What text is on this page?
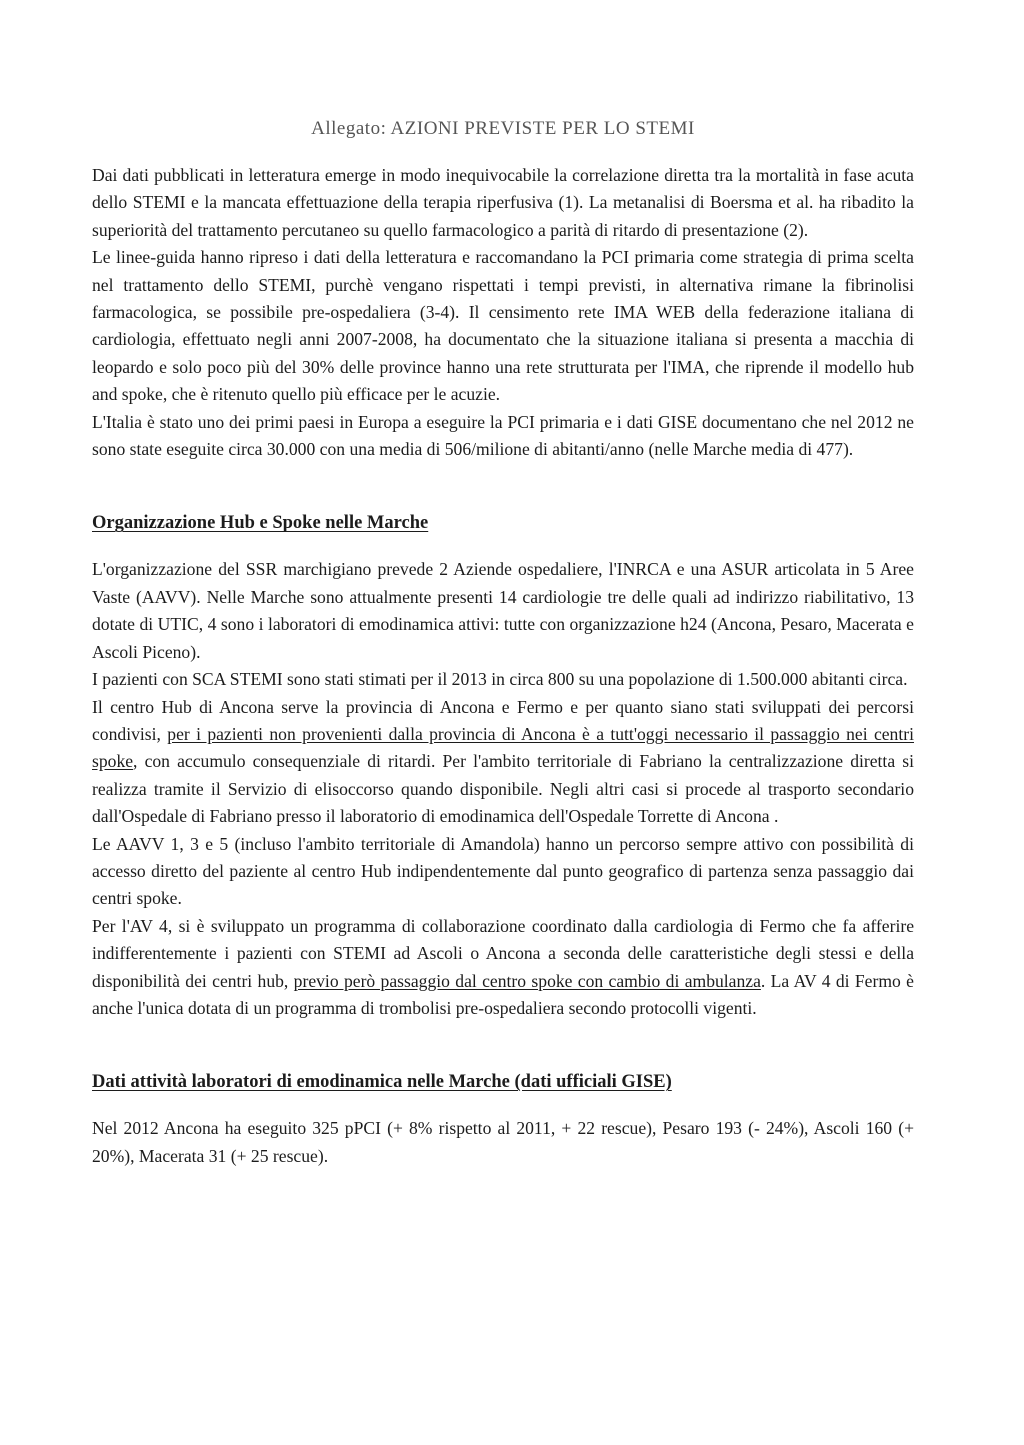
Allegato: AZIONI PREVISTE PER LO STEMI

Dai dati pubblicati in letteratura emerge in modo inequivocabile la correlazione diretta tra la mortalità in fase acuta dello STEMI e la mancata effettuazione della terapia riperfusiva (1). La metanalisi di Boersma et al. ha ribadito la superiorità del trattamento percutaneo su quello farmacologico a parità di ritardo di presentazione (2).

Le linee-guida hanno ripreso i dati della letteratura e raccomandano la PCI primaria come strategia di prima scelta nel trattamento dello STEMI, purchè vengano rispettati i tempi previsti, in alternativa rimane la fibrinolisi farmacologica, se possibile pre-ospedaliera (3-4). Il censimento rete IMA WEB della federazione italiana di cardiologia, effettuato negli anni 2007-2008, ha documentato che la situazione italiana si presenta a macchia di leopardo e solo poco più del 30% delle province hanno una rete strutturata per l'IMA, che riprende il modello hub and spoke, che è ritenuto quello più efficace per le acuzie.

L'Italia è stato uno dei primi paesi in Europa a eseguire la PCI primaria e i dati GISE documentano che nel 2012 ne sono state eseguite circa 30.000 con una media di 506/milione di abitanti/anno (nelle Marche media di 477).

Organizzazione Hub e Spoke nelle Marche

L'organizzazione del SSR marchigiano prevede 2 Aziende ospedaliere, l'INRCA e una ASUR articolata in 5 Aree Vaste (AAVV). Nelle Marche sono attualmente presenti 14 cardiologie tre delle quali ad indirizzo riabilitativo, 13 dotate di UTIC, 4 sono i laboratori di emodinamica attivi: tutte con organizzazione h24 (Ancona, Pesaro, Macerata e Ascoli Piceno).

I pazienti con SCA STEMI sono stati stimati per il 2013 in circa 800 su una popolazione di 1.500.000 abitanti circa.

Il centro Hub di Ancona serve la provincia di Ancona e Fermo e per quanto siano stati sviluppati dei percorsi condivisi, per i pazienti non provenienti dalla provincia di Ancona è a tutt'oggi necessario il passaggio nei centri spoke, con accumulo consequenziale di ritardi. Per l'ambito territoriale di Fabriano la centralizzazione diretta si realizza tramite il Servizio di elisoccorso quando disponibile. Negli altri casi si procede al trasporto secondario dall'Ospedale di Fabriano presso il laboratorio di emodinamica dell'Ospedale Torrette di Ancona .

Le AAVV 1, 3 e 5 (incluso l'ambito territoriale di Amandola) hanno un percorso sempre attivo con possibilità di accesso diretto del paziente al centro Hub indipendentemente dal punto geografico di partenza senza passaggio dai centri spoke.

Per l'AV 4, si è sviluppato un programma di collaborazione coordinato dalla cardiologia di Fermo che fa afferire indifferentemente i pazienti con STEMI ad Ascoli o Ancona a seconda delle caratteristiche degli stessi e della disponibilità dei centri hub, previo però passaggio dal centro spoke con cambio di ambulanza. La AV 4 di Fermo è anche l'unica dotata di un programma di trombolisi pre-ospedaliera secondo protocolli vigenti.

Dati attività laboratori di emodinamica nelle Marche (dati ufficiali GISE)

Nel 2012 Ancona ha eseguito 325 pPCI (+ 8% rispetto al 2011, + 22 rescue), Pesaro 193 (- 24%), Ascoli 160 (+ 20%), Macerata 31 (+ 25 rescue).
